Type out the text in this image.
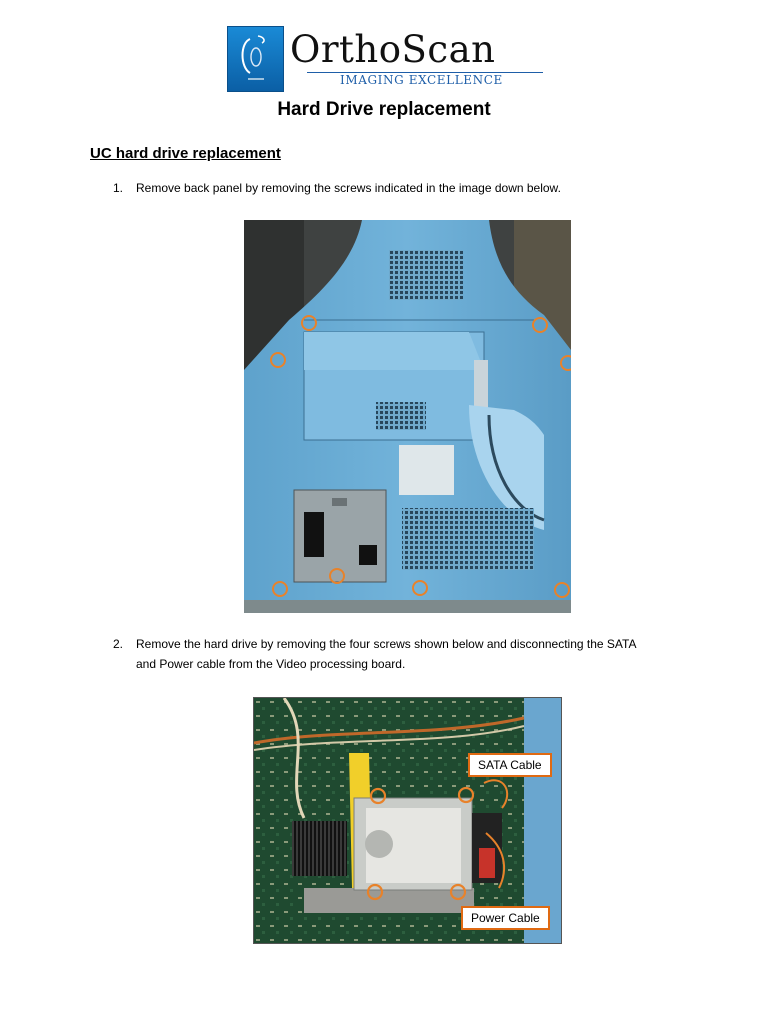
OrthoScan
IMAGING EXCELLENCE
Hard Drive replacement
UC hard drive replacement
1. Remove back panel by removing the screws indicated in the image down below.
2. Remove the hard drive by removing the four screws shown below and disconnecting the SATA
and Power cable from the Video processing board.
SATA Cable
Power Cable
